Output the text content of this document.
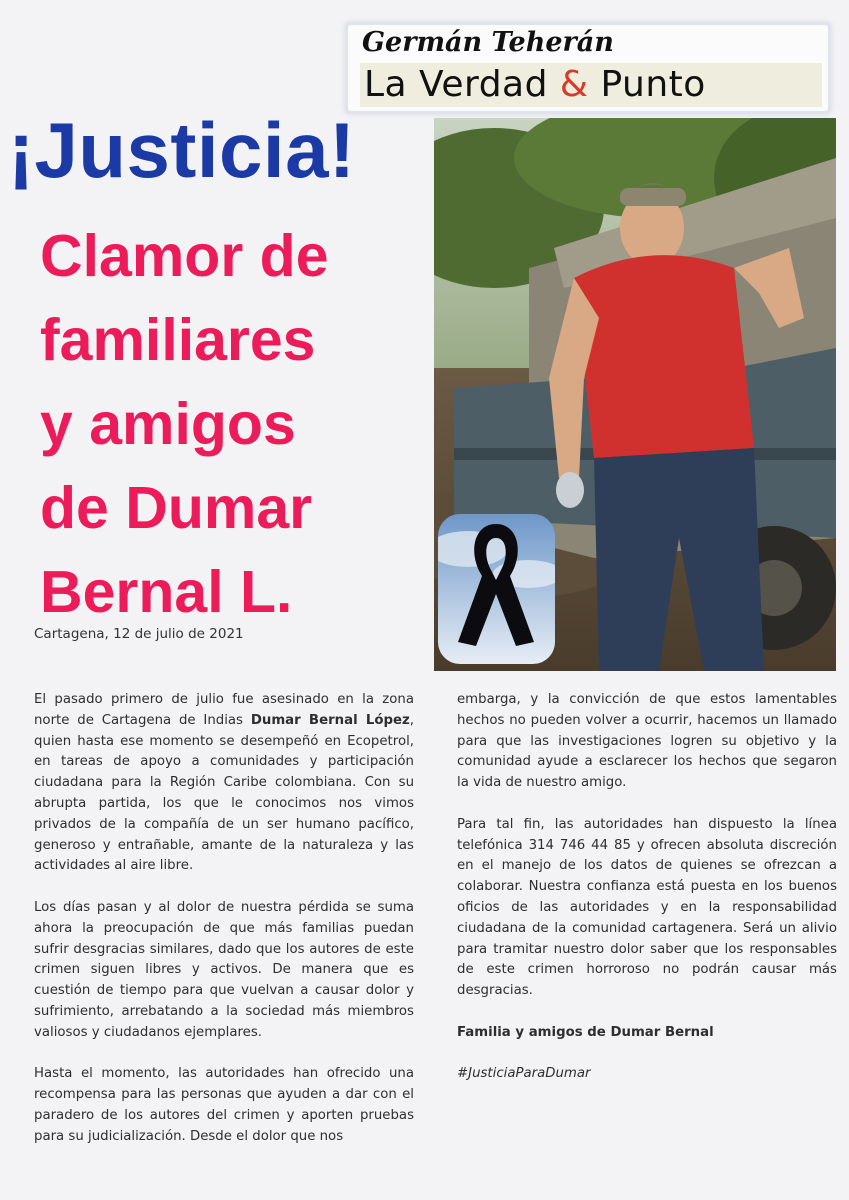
Germán Teherán
La Verdad & Punto
¡Justicia!
Clamor de
familiares
y amigos
de Dumar
Bernal L.
Cartagena, 12 de julio de 2021

El pasado primero de julio fue asesinado en la zona norte de Cartagena de Indias Dumar Bernal López, quien hasta ese momento se desempeñó en Ecopetrol, en tareas de apoyo a comunidades y participación ciudadana para la Región Caribe colombiana. Con su abrupta partida, los que le conocimos nos vimos privados de la compañía de un ser humano pacífico, generoso y entrañable, amante de la naturaleza y las actividades al aire libre.

Los días pasan y al dolor de nuestra pérdida se suma ahora la preocupación de que más familias puedan sufrir desgracias similares, dado que los autores de este crimen siguen libres y activos. De manera que es cuestión de tiempo para que vuelvan a causar dolor y sufrimiento, arrebatando a la sociedad más miembros valiosos y ciudadanos ejemplares.

Hasta el momento, las autoridades han ofrecido una recompensa para las personas que ayuden a dar con el paradero de los autores del crimen y aporten pruebas para su judicialización. Desde el dolor que nos

embarga, y la convicción de que estos lamentables hechos no pueden volver a ocurrir, hacemos un llamado para que las investigaciones logren su objetivo y la comunidad ayude a esclarecer los hechos que segaron la vida de nuestro amigo.

Para tal fin, las autoridades han dispuesto la línea telefónica 314 746 44 85 y ofrecen absoluta discreción en el manejo de los datos de quienes se ofrezcan a colaborar. Nuestra confianza está puesta en los buenos oficios de las autoridades y en la responsabilidad ciudadana de la comunidad cartagenera. Será un alivio para tramitar nuestro dolor saber que los responsables de este crimen horroroso no podrán causar más desgracias.

Familia y amigos de Dumar Bernal

#JusticiaParaDumar
